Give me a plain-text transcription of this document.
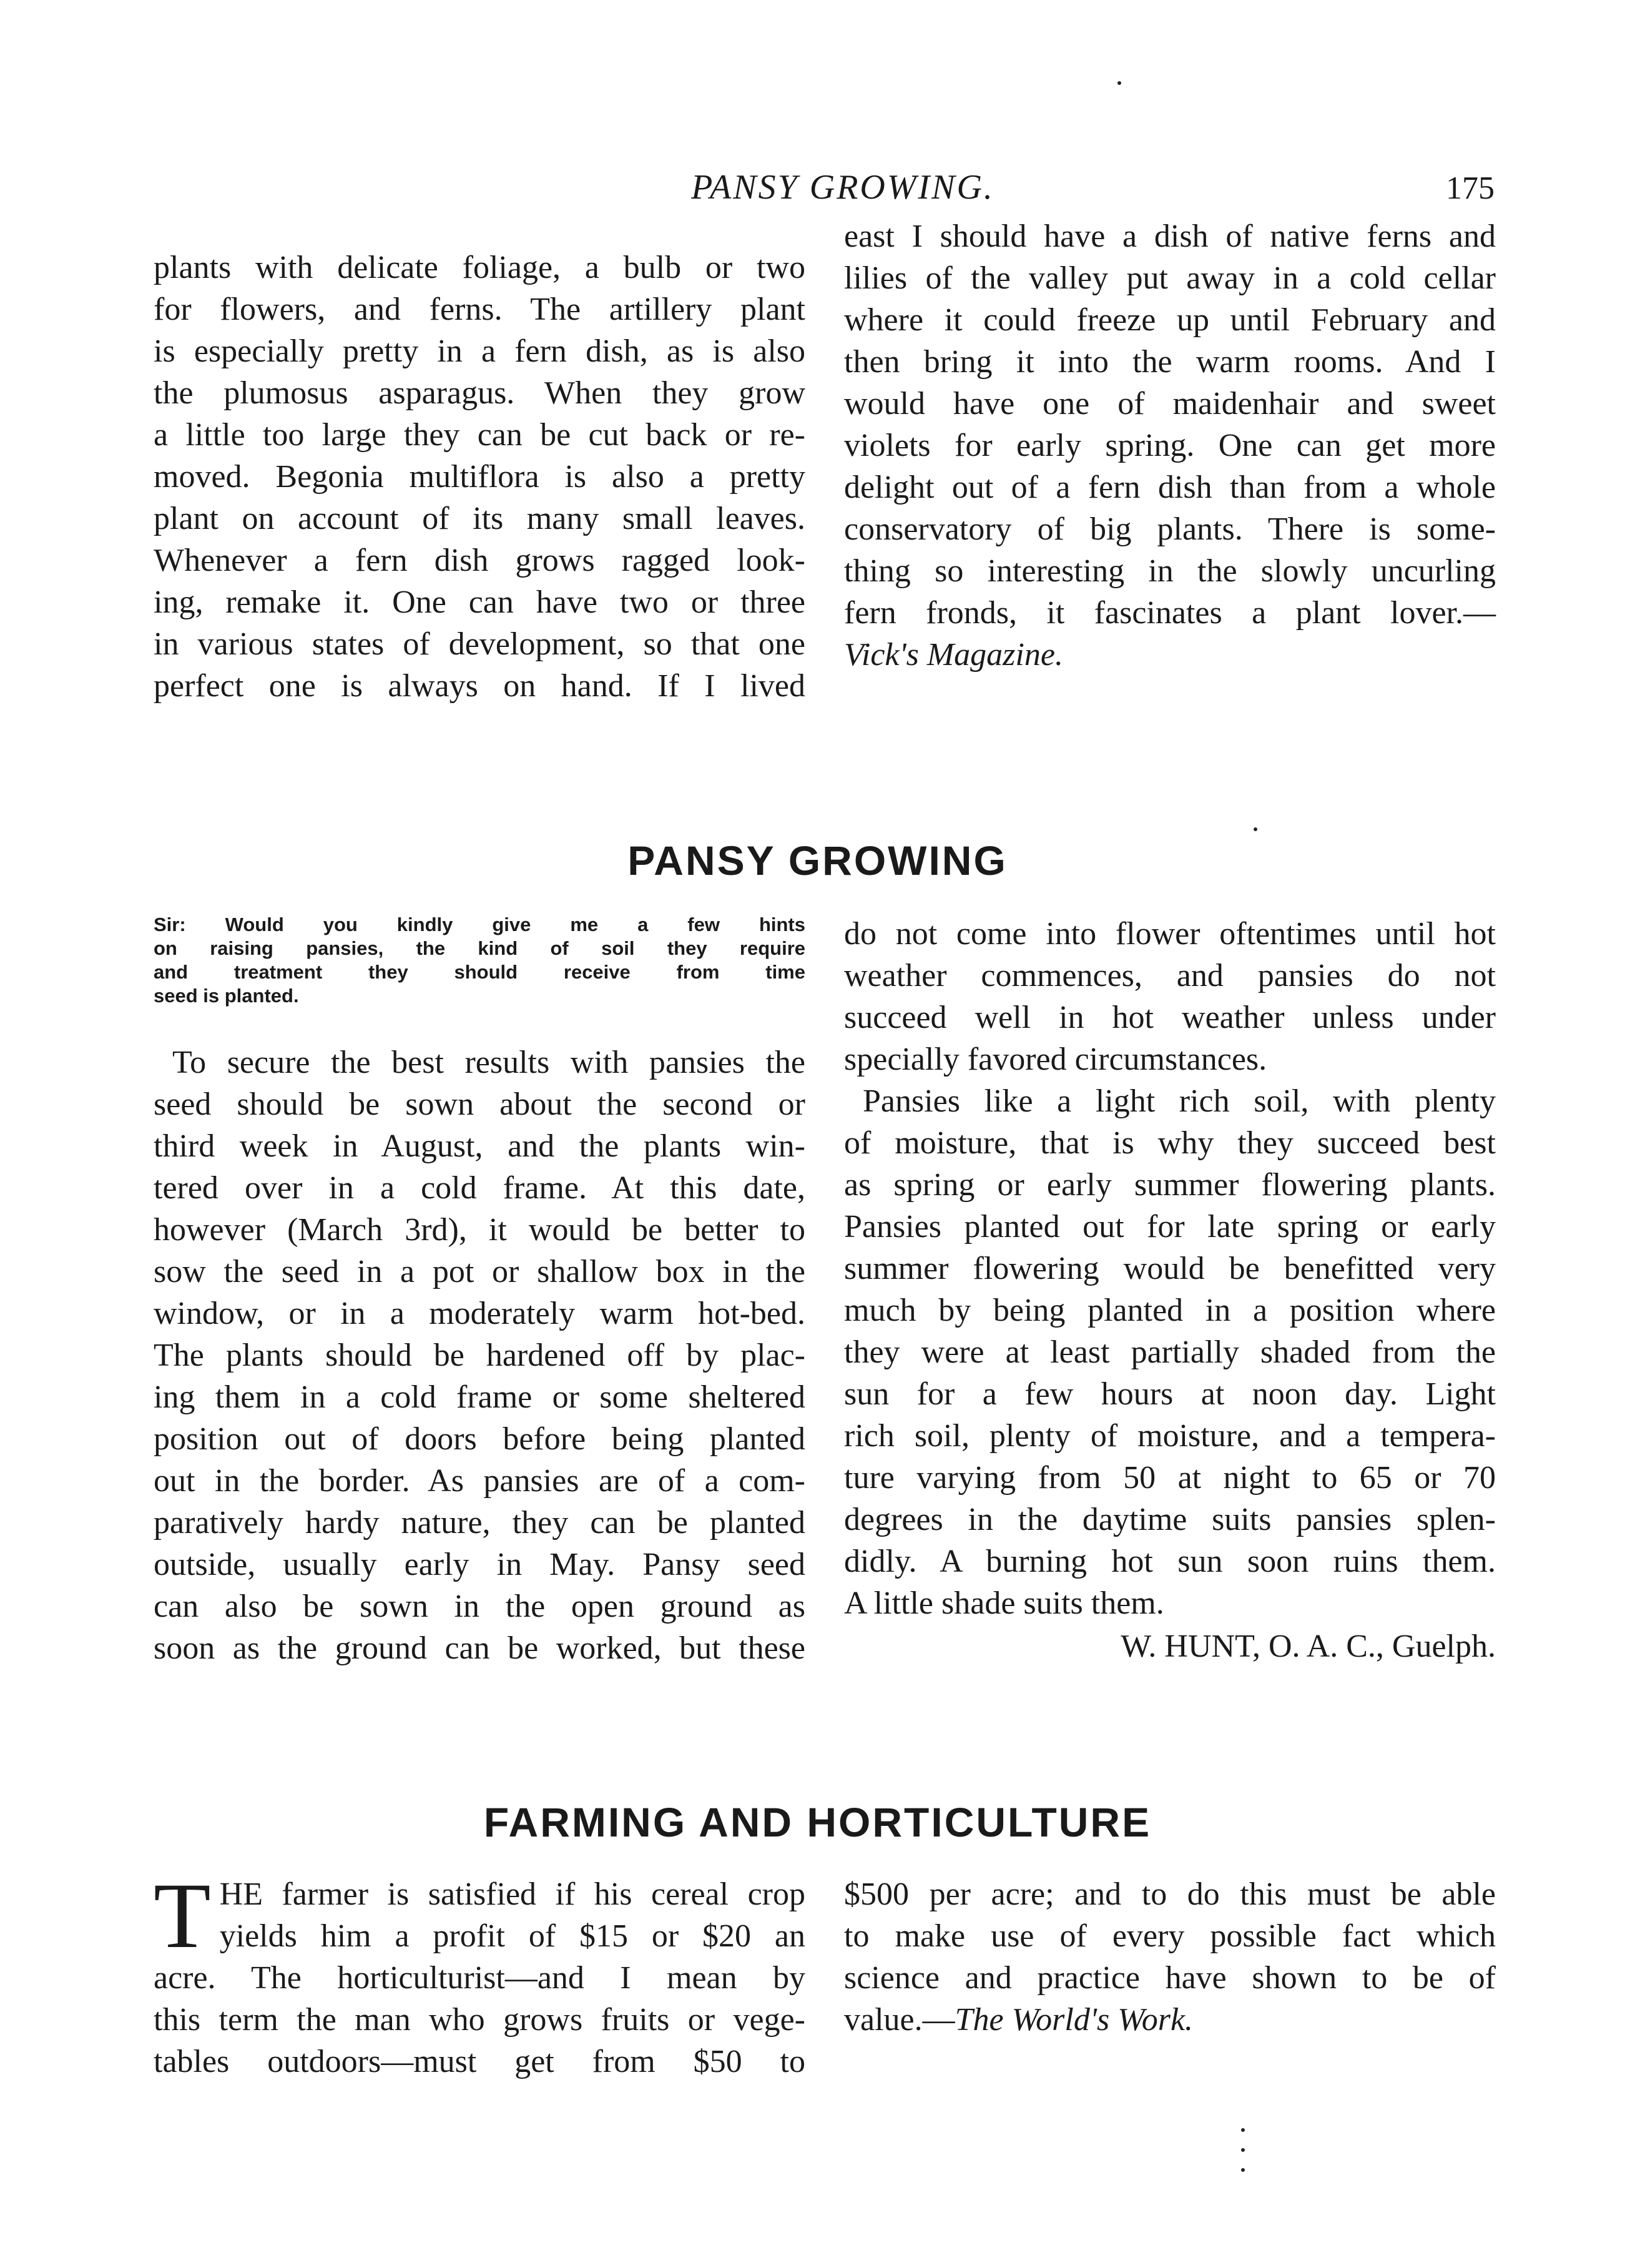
PANSY GROWING.	175
plants with delicate foliage, a bulb or two
for flowers, and ferns. The artillery plant
is especially pretty in a fern dish, as is also
the plumosus asparagus. When they grow
a little too large they can be cut back or re-
moved. Begonia multiflora is also a pretty
plant on account of its many small leaves.
Whenever a fern dish grows ragged look-
ing, remake it. One can have two or three
in various states of development, so that one
perfect one is always on hand. If I lived
east I should have a dish of native ferns and
lilies of the valley put away in a cold cellar
where it could freeze up until February and
then bring it into the warm rooms. And I
would have one of maidenhair and sweet
violets for early spring. One can get more
delight out of a fern dish than from a whole
conservatory of big plants. There is some-
thing so interesting in the slowly uncurling
fern fronds, it fascinates a plant lover.—
Vick's Magazine.
PANSY GROWING
Sir: Would you kindly give me a few hints
on raising pansies, the kind of soil they require
and treatment they should receive from time
seed is planted.
To secure the best results with pansies the
seed should be sown about the second or
third week in August, and the plants win-
tered over in a cold frame. At this date,
however (March 3rd), it would be better to
sow the seed in a pot or shallow box in the
window, or in a moderately warm hot-bed.
The plants should be hardened off by plac-
ing them in a cold frame or some sheltered
position out of doors before being planted
out in the border. As pansies are of a com-
paratively hardy nature, they can be planted
outside, usually early in May. Pansy seed
can also be sown in the open ground as
soon as the ground can be worked, but these
do not come into flower oftentimes until hot
weather commences, and pansies do not
succeed well in hot weather unless under
specially favored circumstances.
Pansies like a light rich soil, with plenty
of moisture, that is why they succeed best
as spring or early summer flowering plants.
Pansies planted out for late spring or early
summer flowering would be benefitted very
much by being planted in a position where
they were at least partially shaded from the
sun for a few hours at noon day. Light
rich soil, plenty of moisture, and a tempera-
ture varying from 50 at night to 65 or 70
degrees in the daytime suits pansies splen-
didly. A burning hot sun soon ruins them.
A little shade suits them.
W. HUNT, O. A. C., Guelph.
FARMING AND HORTICULTURE
T HE farmer is satisfied if his cereal crop
yields him a profit of $15 or $20 an
acre. The horticulturist—and I mean by
this term the man who grows fruits or vege-
tables outdoors—must get from $50 to
$500 per acre; and to do this must be able
to make use of every possible fact which
science and practice have shown to be of
value.—The World's Work.
